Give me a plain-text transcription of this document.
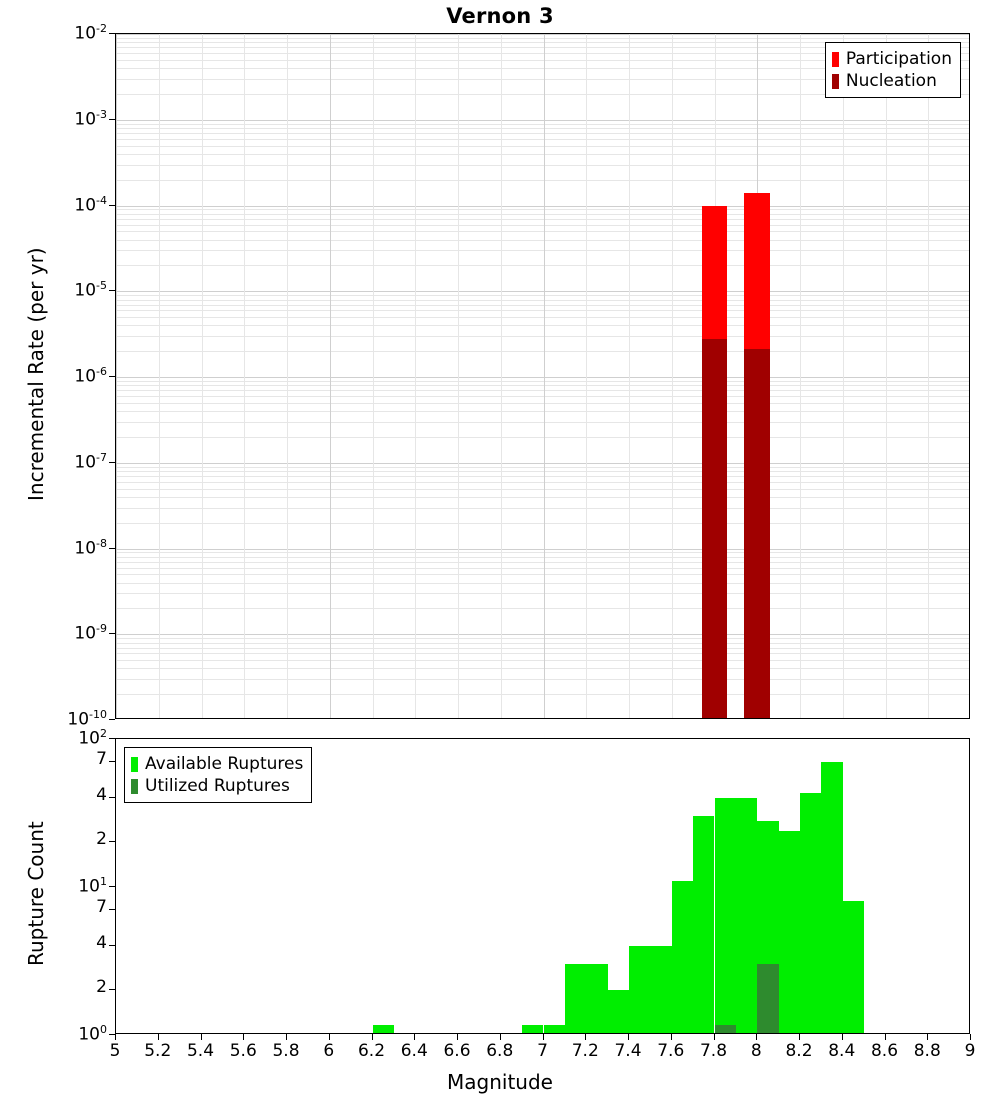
Vernon 3
Participation
Nucleation
Available Ruptures
Utilized Ruptures
Magnitude
Incremental Rate (per yr)
Rupture Count
$10^{-10}$
$10^{-9}$
$10^{-8}$
$10^{-7}$
$10^{-6}$
$10^{-5}$
$10^{-4}$
$10^{-3}$
$10^{-2}$
$10^0$
2
4
7
$10^1$
2
4
7
$10^2$
5	5.2 5.4 5.6 5.8	6	6.2 6.4 6.6 6.8	7	7.2 7.4 7.6 7.8	8	8.2 8.4 8.6 8.8	9
